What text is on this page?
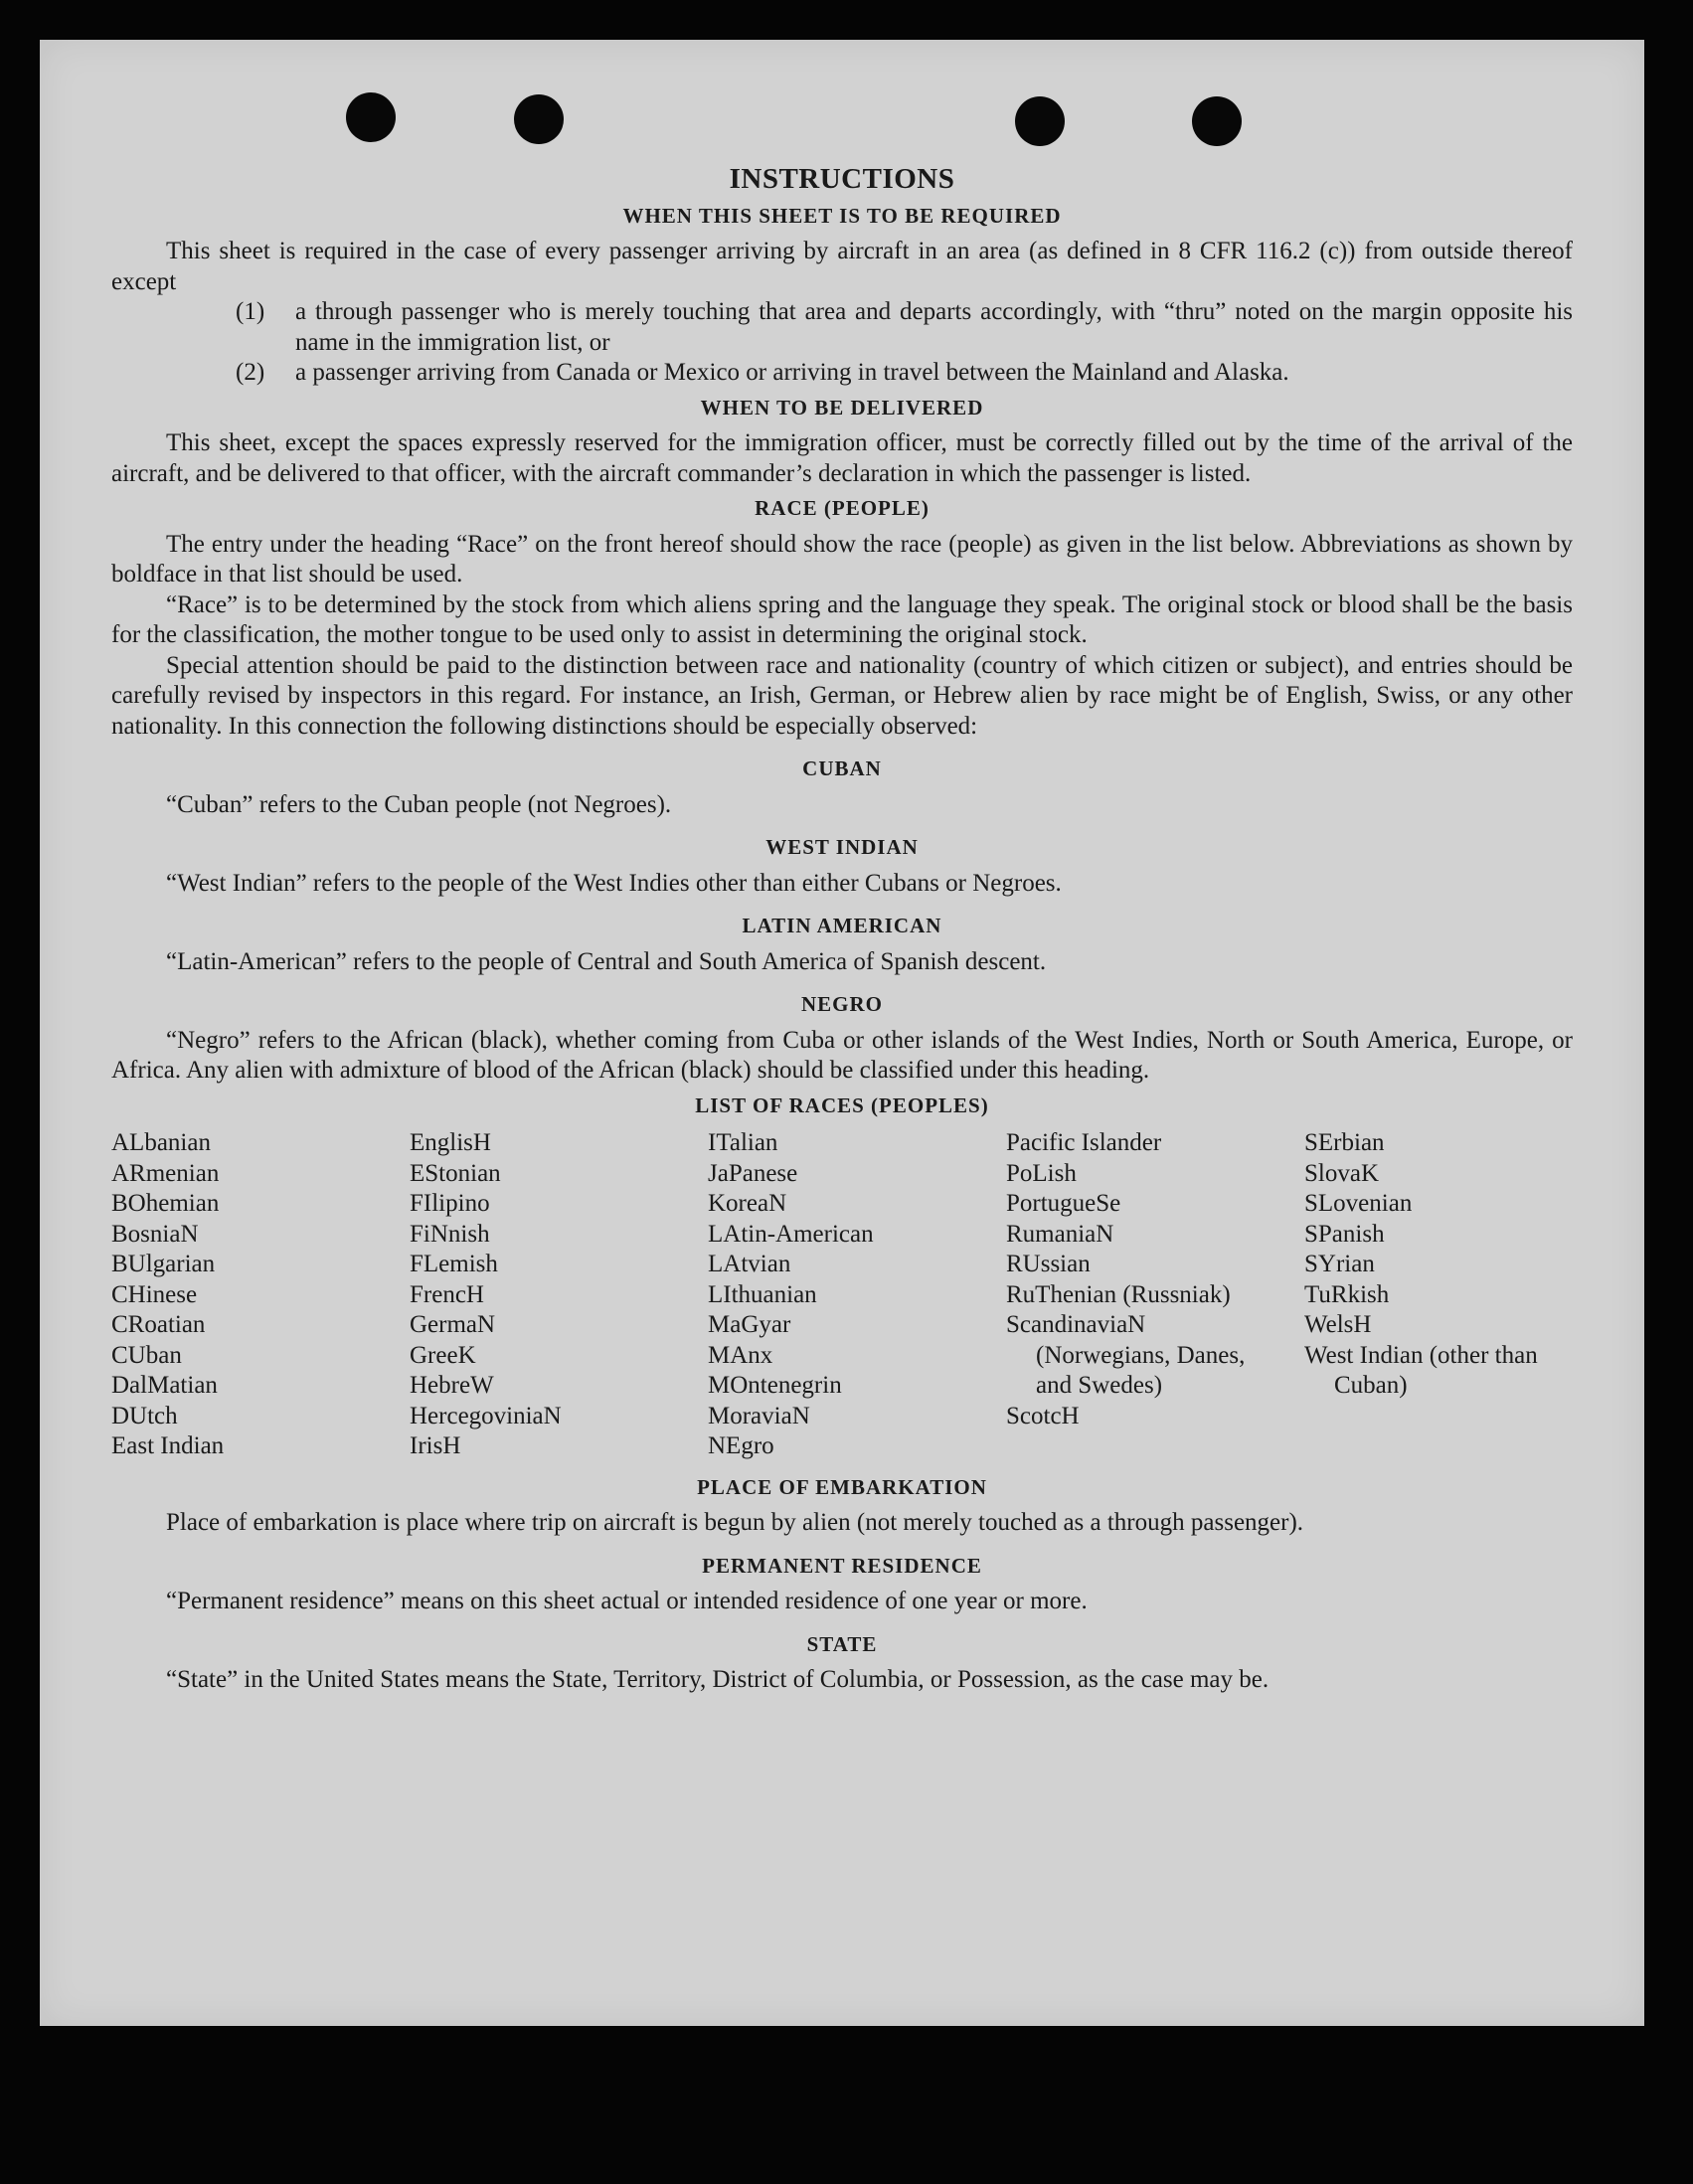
INSTRUCTIONS
WHEN THIS SHEET IS TO BE REQUIRED

This sheet is required in the case of every passenger arriving by aircraft in an area (as defined in 8 CFR 116.2 (c)) from outside thereof except

(1)	a through passenger who is merely touching that area and departs accordingly, with “thru” noted on the margin opposite his name in the immigration list, or
(2)	a passenger arriving from Canada or Mexico or arriving in travel between the Mainland and Alaska.
WHEN TO BE DELIVERED

This sheet, except the spaces expressly reserved for the immigration officer, must be correctly filled out by the time of the arrival of the aircraft, and be delivered to that officer, with the aircraft commander’s declaration in which the passenger is listed.

RACE (PEOPLE)

The entry under the heading “Race” on the front hereof should show the race (people) as given in the list below. Abbreviations as shown by boldface in that list should be used.

“Race” is to be determined by the stock from which aliens spring and the language they speak. The original stock or blood shall be the basis for the classification, the mother tongue to be used only to assist in determining the original stock.

Special attention should be paid to the distinction between race and nationality (country of which citizen or subject), and entries should be carefully revised by inspectors in this regard. For instance, an Irish, German, or Hebrew alien by race might be of English, Swiss, or any other nationality. In this connection the following distinctions should be especially observed:

CUBAN

“Cuban” refers to the Cuban people (not Negroes).

WEST INDIAN

“West Indian” refers to the people of the West Indies other than either Cubans or Negroes.

LATIN AMERICAN

“Latin-American” refers to the people of Central and South America of Spanish descent.

NEGRO

“Negro” refers to the African (black), whether coming from Cuba or other islands of the West Indies, North or South America, Europe, or Africa. Any alien with admixture of blood of the African (black) should be classified under this heading.

LIST OF RACES (PEOPLES)
ALbanian
ARmenian
BOhemian
BosniaN
BUlgarian
CHinese
CRoatian
CUban
DalMatian
DUtch
East Indian
EnglisH
EStonian
FIlipino
FiNnish
FLemish
FrencH
GermaN
GreeK
HebreW
HercegoviniaN
IrisH
ITalian
JaPanese
KoreaN
LAtin-American
LAtvian
LIthuanian
MaGyar
MAnx
MOntenegrin
MoraviaN
NEgro
Pacific Islander
PoLish
PortugueSe
RumaniaN
RUssian
RuThenian (Russniak)
ScandinaviaN (Norwegians, Danes, and Swedes)
ScotcH
SErbian
SlovaK
SLovenian
SPanish
SYrian
TuRkish
WelsH
West Indian (other than Cuban)
PLACE OF EMBARKATION

Place of embarkation is place where trip on aircraft is begun by alien (not merely touched as a through passenger).

PERMANENT RESIDENCE

“Permanent residence” means on this sheet actual or intended residence of one year or more.

STATE

“State” in the United States means the State, Territory, District of Columbia, or Possession, as the case may be.
